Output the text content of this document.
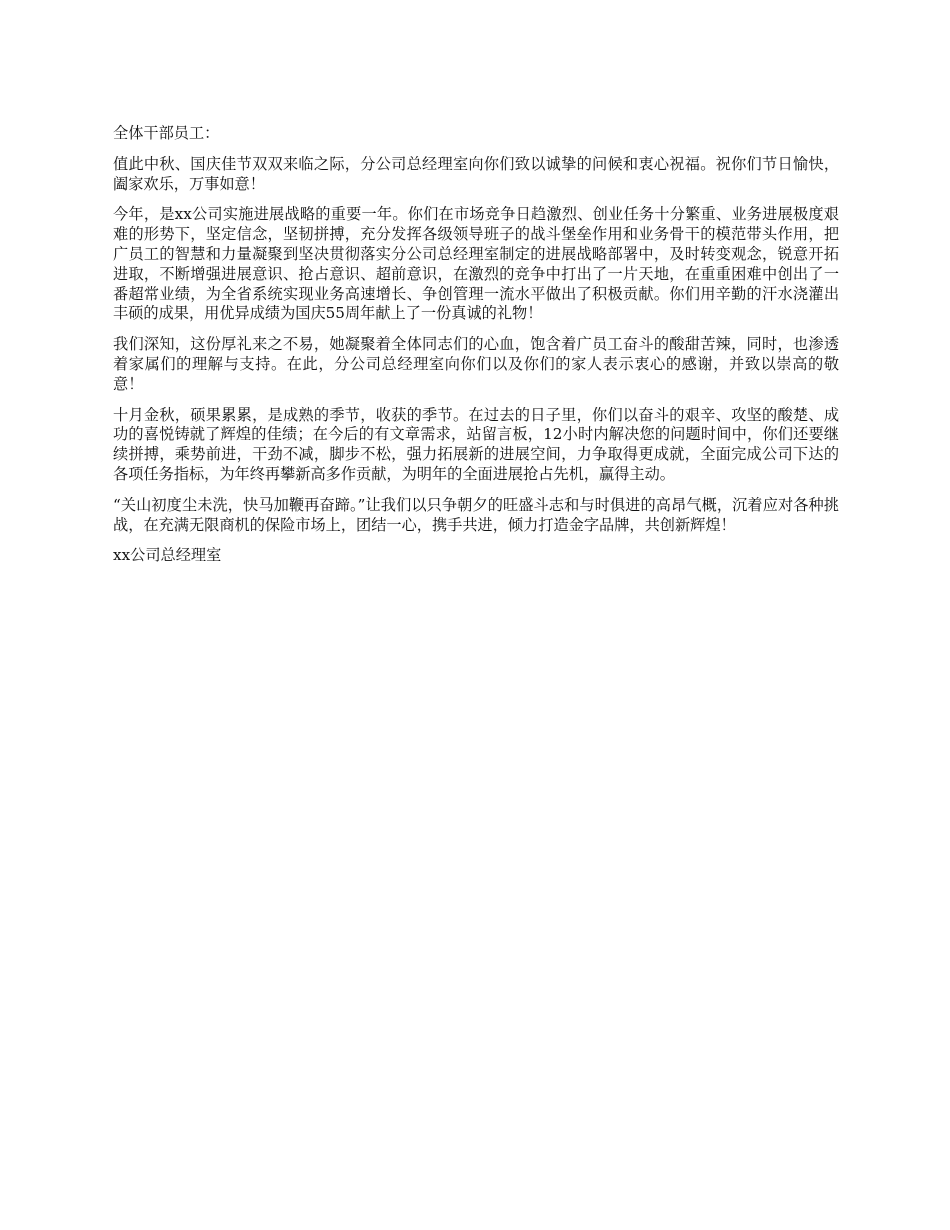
全体干部员工：

值此中秋、国庆佳节双双来临之际，分公司总经理室向你们致以诚挚的问候和衷心祝福。祝你们节日愉快，阖家欢乐，万事如意！

今年，是xx公司实施进展战略的重要一年。你们在市场竞争日趋激烈、创业任务十分繁重、业务进展极度艰难的形势下，坚定信念，坚韧拼搏，充分发挥各级领导班子的战斗堡垒作用和业务骨干的模范带头作用，把广员工的智慧和力量凝聚到坚决贯彻落实分公司总经理室制定的进展战略部署中，及时转变观念，锐意开拓进取，不断增强进展意识、抢占意识、超前意识，在激烈的竞争中打出了一片天地，在重重困难中创出了一番超常业绩，为全省系统实现业务高速增长、争创管理一流水平做出了积极贡献。你们用辛勤的汗水浇灌出丰硕的成果，用优异成绩为国庆55周年献上了一份真诚的礼物！

我们深知，这份厚礼来之不易，她凝聚着全体同志们的心血，饱含着广员工奋斗的酸甜苦辣，同时，也渗透着家属们的理解与支持。在此，分公司总经理室向你们以及你们的家人表示衷心的感谢，并致以崇高的敬意！

十月金秋，硕果累累，是成熟的季节，收获的季节。在过去的日子里，你们以奋斗的艰辛、攻坚的酸楚、成功的喜悦铸就了辉煌的佳绩；在今后的有文章需求，站留言板，12小时内解决您的问题时间中，你们还要继续拼搏，乘势前进，干劲不减，脚步不松，强力拓展新的进展空间，力争取得更成就，全面完成公司下达的各项任务指标，为年终再攀新高多作贡献，为明年的全面进展抢占先机，赢得主动。

“关山初度尘未洗，快马加鞭再奋蹄。”让我们以只争朝夕的旺盛斗志和与时俱进的高昂气概，沉着应对各种挑战，在充满无限商机的保险市场上，团结一心，携手共进，倾力打造金字品牌，共创新辉煌！

xx公司总经理室
